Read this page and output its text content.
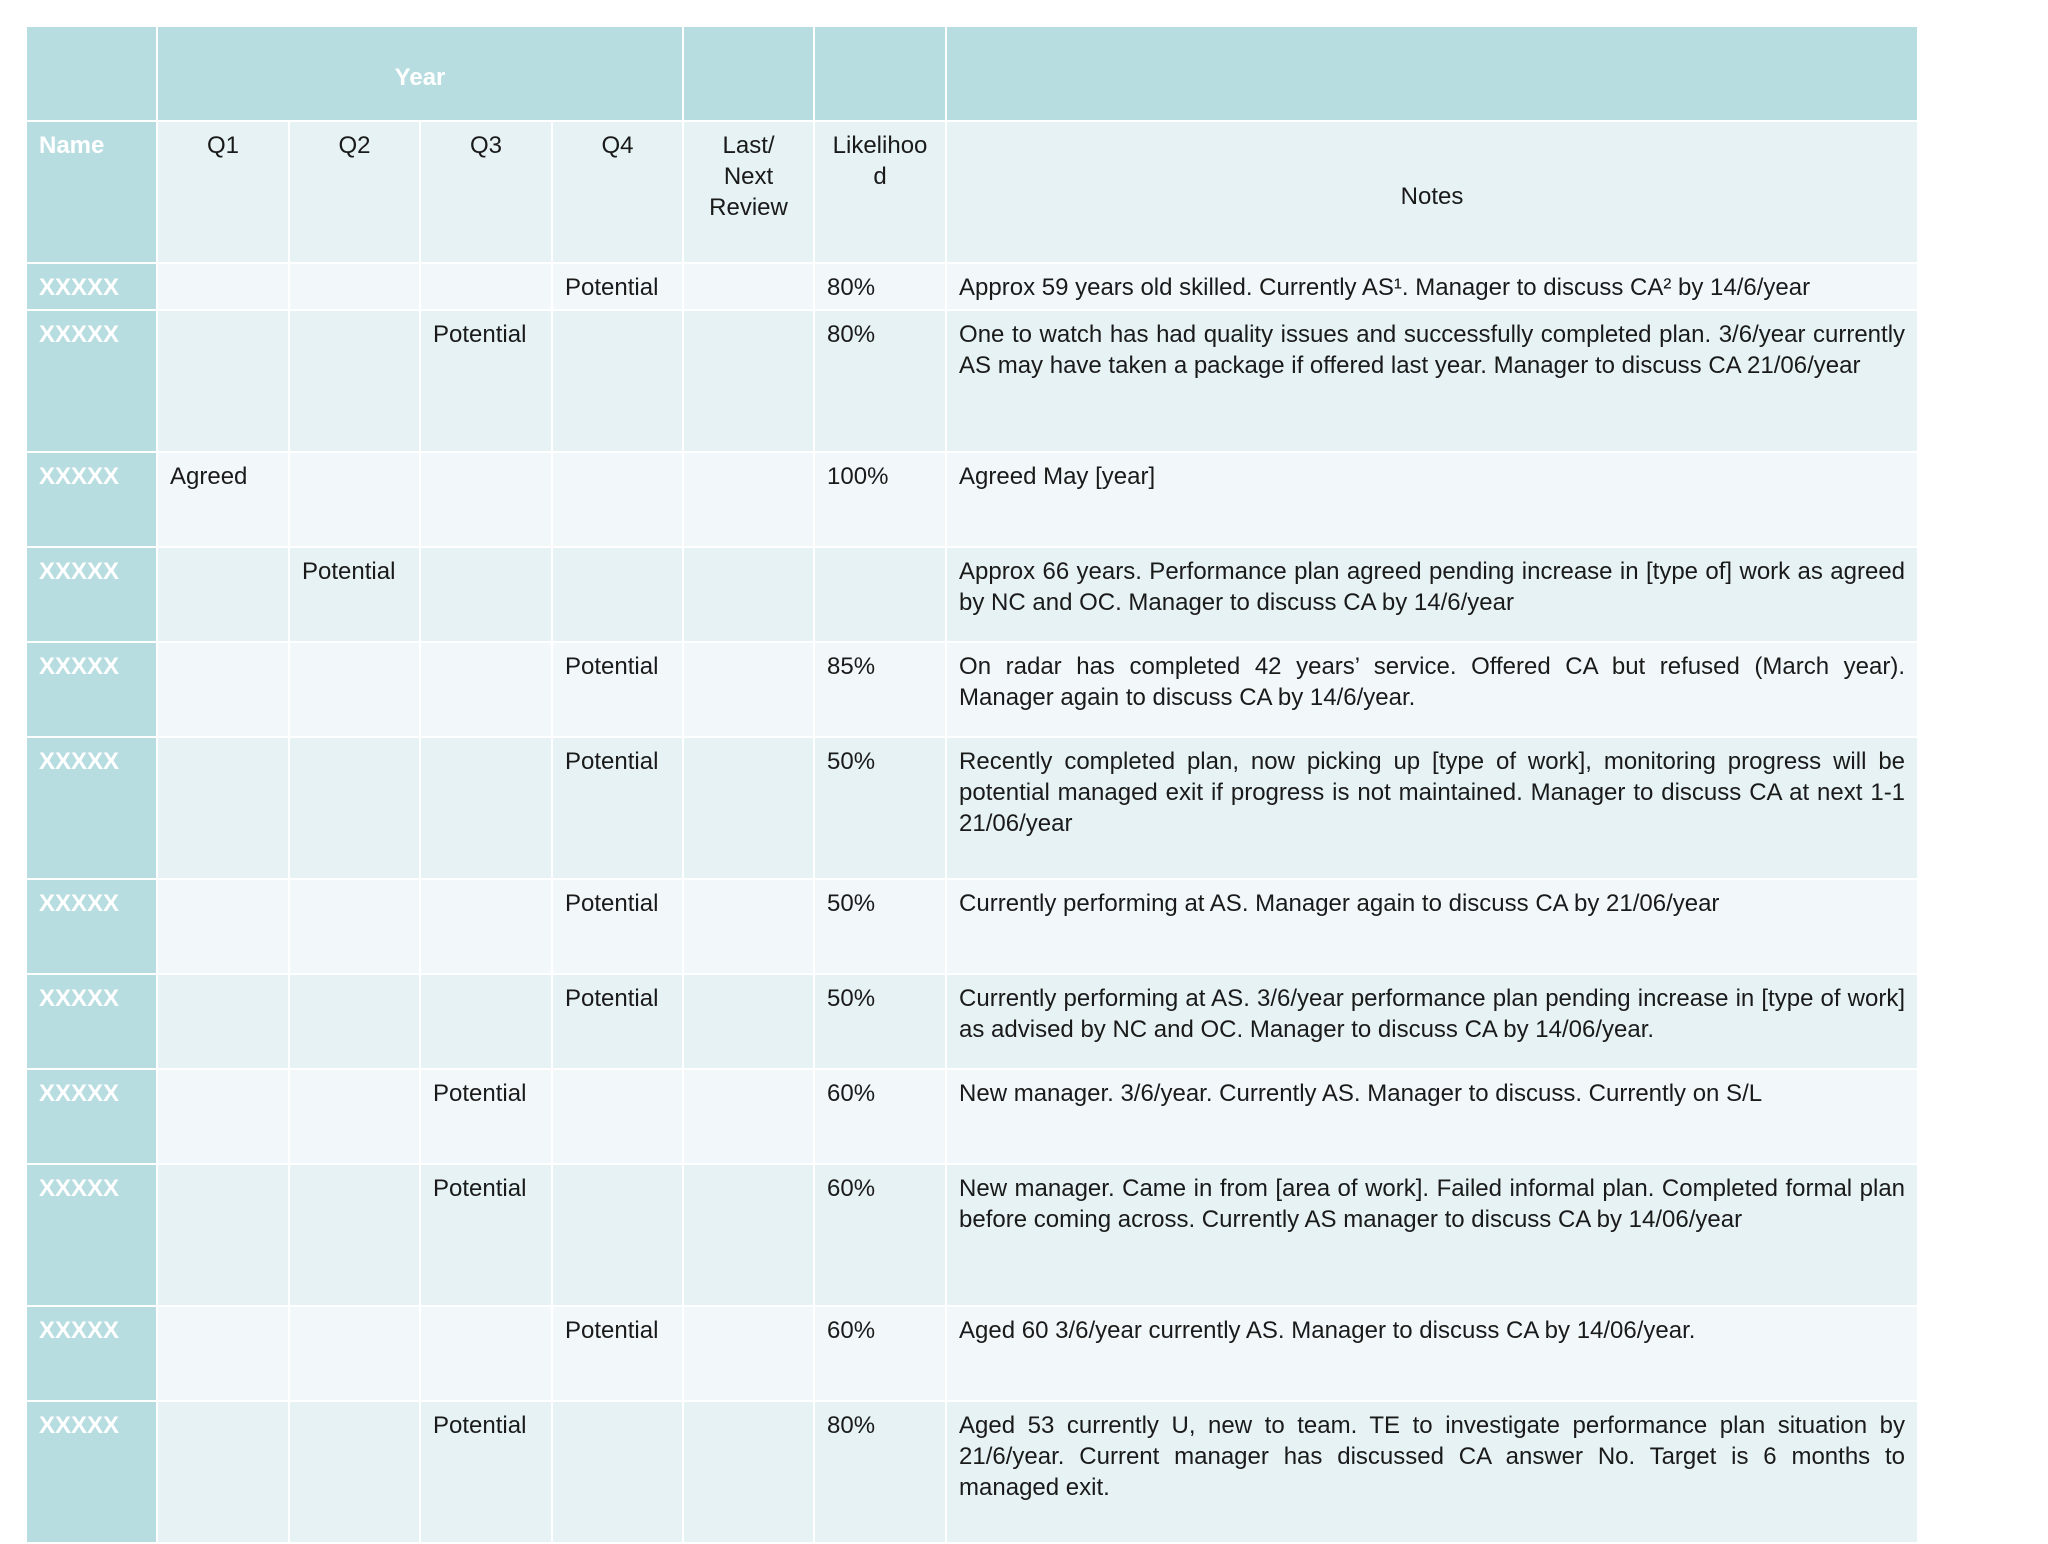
	Year						
Name	Q1	Q2	Q3	Q4	Last/ Next Review	Likelihoo d	Notes
XXXXX				Potential		80%	Approx 59 years old skilled. Currently AS¹. Manager to discuss CA² by 14/6/year
XXXXX			Potential			80%	One to watch has had quality issues and successfully completed plan. 3/6/year currently AS may have taken a package if offered last year. Manager to discuss CA 21/06/year
XXXXX	Agreed					100%	Agreed May [year]
XXXXX		Potential					Approx 66 years. Performance plan agreed pending increase in [type of] work as agreed by NC and OC. Manager to discuss CA by 14/6/year
XXXXX				Potential		85%	On radar has completed 42 years’ service. Offered CA but refused (March year). Manager again to discuss CA by 14/6/year.
XXXXX				Potential		50%	Recently completed plan, now picking up [type of work], monitoring progress will be potential managed exit if progress is not maintained. Manager to discuss CA at next 1-1 21/06/year
XXXXX				Potential		50%	Currently performing at AS. Manager again to discuss CA by 21/06/year
XXXXX				Potential		50%	Currently performing at AS. 3/6/year performance plan pending increase in [type of work] as advised by NC and OC. Manager to discuss CA by 14/06/year.
XXXXX			Potential			60%	New manager. 3/6/year. Currently AS. Manager to discuss. Currently on S/L
XXXXX			Potential			60%	New manager. Came in from [area of work]. Failed informal plan. Completed formal plan before coming across. Currently AS manager to discuss CA by 14/06/year
XXXXX				Potential		60%	Aged 60 3/6/year currently AS. Manager to discuss CA by 14/06/year.
XXXXX			Potential			80%	Aged 53 currently U, new to team. TE to investigate performance plan situation by 21/6/year. Current manager has discussed CA answer No. Target is 6 months to managed exit.
